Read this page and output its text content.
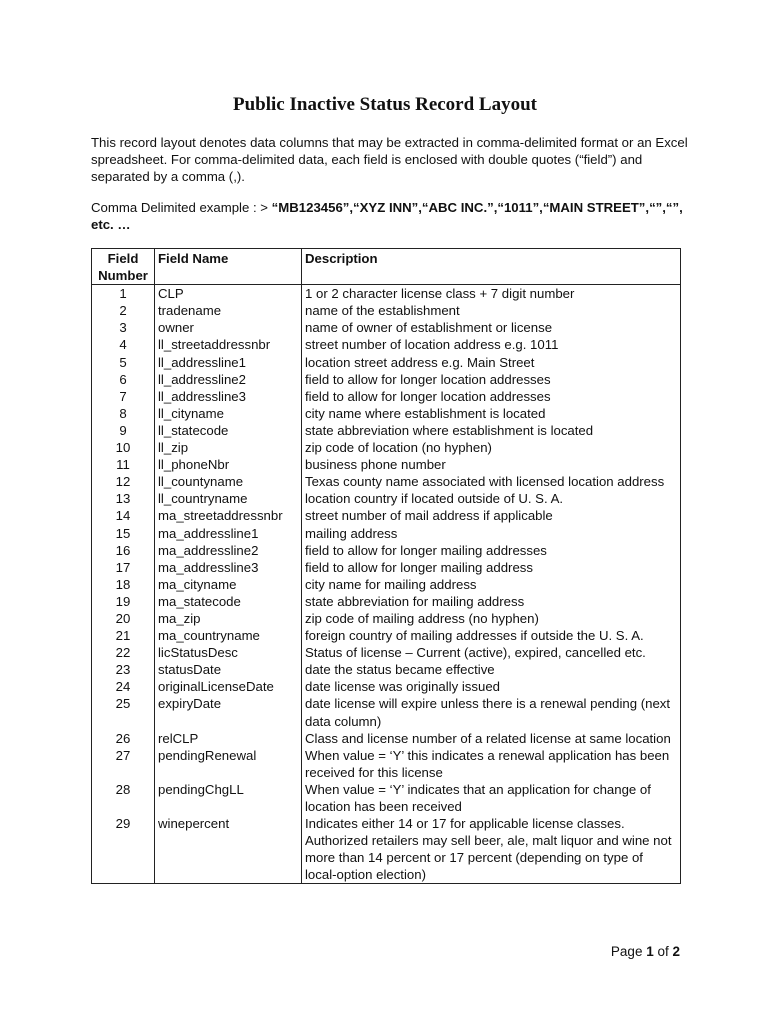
Public Inactive Status Record Layout
This record layout denotes data columns that may be extracted in comma-delimited format or an Excel spreadsheet. For comma-delimited data, each field is enclosed with double quotes (“field”) and separated by a comma (,).
Comma Delimited example : > “MB123456”,“XYZ INN”,“ABC INC.”,“1011”,“MAIN STREET”,“”,“”, etc. …
Field Number	Field Name	Description
1	CLP	1 or 2 character license class + 7 digit number
2	tradename	name of the establishment
3	owner	name of owner of establishment or license
4	ll_streetaddressnbr	street number of location address e.g. 1011
5	ll_addressline1	location street address e.g. Main Street
6	ll_addressline2	field to allow for longer location addresses
7	ll_addressline3	field to allow for longer location addresses
8	ll_cityname	city name where establishment is located
9	ll_statecode	state abbreviation where establishment is located
10	ll_zip	zip code of location (no hyphen)
11	ll_phoneNbr	business phone number
12	ll_countyname	Texas county name associated with licensed location address
13	ll_countryname	location country if located outside of U. S. A.
14	ma_streetaddressnbr	street number of mail address if applicable
15	ma_addressline1	mailing address
16	ma_addressline2	field to allow for longer mailing addresses
17	ma_addressline3	field to allow for longer mailing address
18	ma_cityname	city name for mailing address
19	ma_statecode	state abbreviation for mailing address
20	ma_zip	zip code of mailing address (no hyphen)
21	ma_countryname	foreign country of mailing addresses if outside the U. S. A.
22	licStatusDesc	Status of license – Current (active), expired, cancelled etc.
23	statusDate	date the status became effective
24	originalLicenseDate	date license was originally issued
25	expiryDate	date license will expire unless there is a renewal pending (next data column)
26	relCLP	Class and license number of a related license at same location
27	pendingRenewal	When value = ‘Y’ this indicates a renewal application has been received for this license
28	pendingChgLL	When value = ‘Y’ indicates that an application for change of location has been received
29	winepercent	Indicates either 14 or 17 for applicable license classes. Authorized retailers may sell beer, ale, malt liquor and wine not more than 14 percent or 17 percent (depending on type of local-option election)
Page 1 of 2
